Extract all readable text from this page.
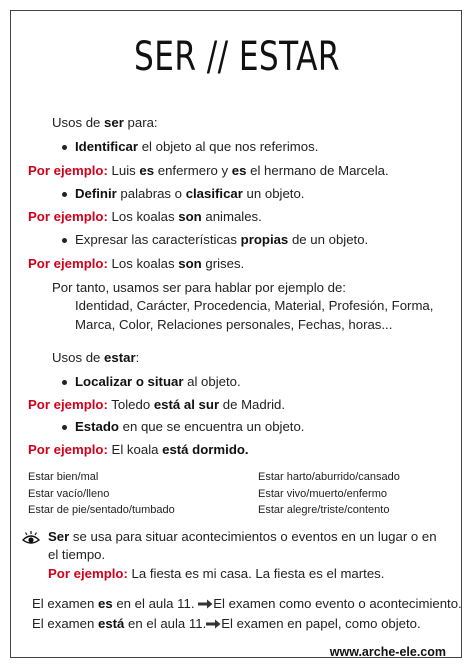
SER // ESTAR
Usos de ser para:
Identificar el objeto al que nos referimos.
Por ejemplo: Luis es enfermero y es el hermano de Marcela.
Definir palabras o clasificar un objeto.
Por ejemplo: Los koalas son animales.
Expresar las características propias de un objeto.
Por ejemplo: Los koalas son grises.
Por tanto, usamos ser para hablar por ejemplo de:
Identidad, Carácter, Procedencia, Material, Profesión, Forma,
Marca, Color, Relaciones personales, Fechas, horas...
Usos de estar:
Localizar o situar al objeto.
Por ejemplo: Toledo está al sur de Madrid.
Estado en que se encuentra un objeto.
Por ejemplo: El koala está dormido.
Estar bien/mal
Estar vacío/lleno
Estar de pie/sentado/tumbado
Estar harto/aburrido/cansado
Estar vivo/muerto/enfermo
Estar alegre/triste/contento
Ser se usa para situar acontecimientos o eventos en un lugar o en
el tiempo.
Por ejemplo: La fiesta es mi casa. La fiesta es el martes.
El examen es en el aula 11. El examen como evento o acontecimiento.
El examen está en el aula 11. El examen en papel, como objeto.
www.arche-ele.com
